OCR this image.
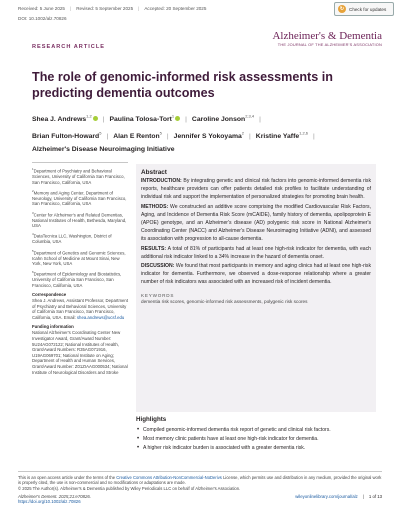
Received: 5 June 2025 | Revised: 5 September 2025 | Accepted: 20 September 2025	↻	Check for updates
DOI: 10.1002/alz.70826
Alzheimer's & Dementia
THE JOURNAL OF THE ALZHEIMER'S ASSOCIATION
RESEARCH ARTICLE
The role of genomic-informed risk assessments in predicting dementia outcomes
Shea J. Andrews$^{1,2}$ | Paulina Tolosa-Tort$^1$ | Caroline Jonson$^{2,3,4}$ |
Brian Fulton-Howard$^5$ | Alan E Renton$^5$ | Jennifer S Yokoyama$^2$ | Kristine Yaffe$^{1,2,6}$ |
Alzheimer's Disease Neuroimaging Initiative

$^1$Department of Psychiatry and Behavioral Sciences, University of California San Francisco, San Francisco, California, USA

$^2$Memory and Aging Center, Department of Neurology, University of California San Francisco, San Francisco, California, USA

$^3$Center for Alzheimer's and Related Dementias, National Institutes of Health, Bethesda, Maryland, USA

$^4$DataTecnica LLC, Washington, District of Columbia, USA

$^5$Department of Genetics and Genomic Sciences, Icahn School of Medicine at Mount Sinai, New York, New York, USA

$^6$Department of Epidemiology and Biostatistics, University of California San Francisco, San Francisco, California, USA

Correspondence
Shea J. Andrews, Assistant Professor, Department of Psychiatry and Behavioral Sciences, University of California San Francisco, San Francisco, California, USA. Email: shea.andrews@ucsf.edu

Funding information
National Alzheimer's Coordinating Center New Investigator Award, Grant/Award Number: 5U24AG072122; National Institutes of Health, Grant/Award Numbers: R35AG071916, U19AG069701; National Institute on Aging; Department of Health and Human Services, Grant/Award Number: Z01ZIAAG000534; National Institute of Neurological Disorders and Stroke

Abstract

INTRODUCTION: By integrating genetic and clinical risk factors into genomic-informed dementia risk reports, healthcare providers can offer patients detailed risk profiles to facilitate understanding of individual risk and support the implementation of personalized strategies for promoting brain health.

METHODS: We constructed an additive score comprising the modified Cardiovascular Risk Factors, Aging, and Incidence of Dementia Risk Score (mCAIDE), family history of dementia, apolipoprotein E (APOE) genotype, and an Alzheimer's disease (AD) polygenic risk score in National Alzheimer's Coordinating Center (NACC) and Alzheimer's Disease Neuroimaging Initiative (ADNI), and assessed its association with progression to all-cause dementia.

RESULTS: A total of 81% of participants had at least one high-risk indicator for dementia, with each additional risk indicator linked to a 34% increase in the hazard of dementia onset.

DISCUSSION: We found that most participants in memory and aging clinics had at least one high-risk indicator for dementia. Furthermore, we observed a dose-response relationship where a greater number of risk indicators was associated with an increased risk of incident dementia.

KEYWORDS
dementia risk scores, genomic-informed risk assessments, polygenic risk scores
Highlights
• Compiled genomic-informed dementia risk report of genetic and clinical risk factors.
• Most memory clinic patients have at least one high-risk indicator for dementia.
• A higher risk indicator burden is associated with a greater dementia risk.
This is an open access article under the terms of the Creative Commons Attribution-NonCommercial-NoDerivs License, which permits use and distribution in any medium, provided the original work is properly cited, the use is non-commercial and no modifications or adaptations are made.
© 2025 The Author(s). Alzheimer's & Dementia published by Wiley Periodicals LLC on behalf of Alzheimer's Association.
Alzheimer's Dement. 2025;21:e70826.
https://doi.org/10.1002/alz.70826
wileyonlinelibrary.com/journal/alz | 1 of 13
